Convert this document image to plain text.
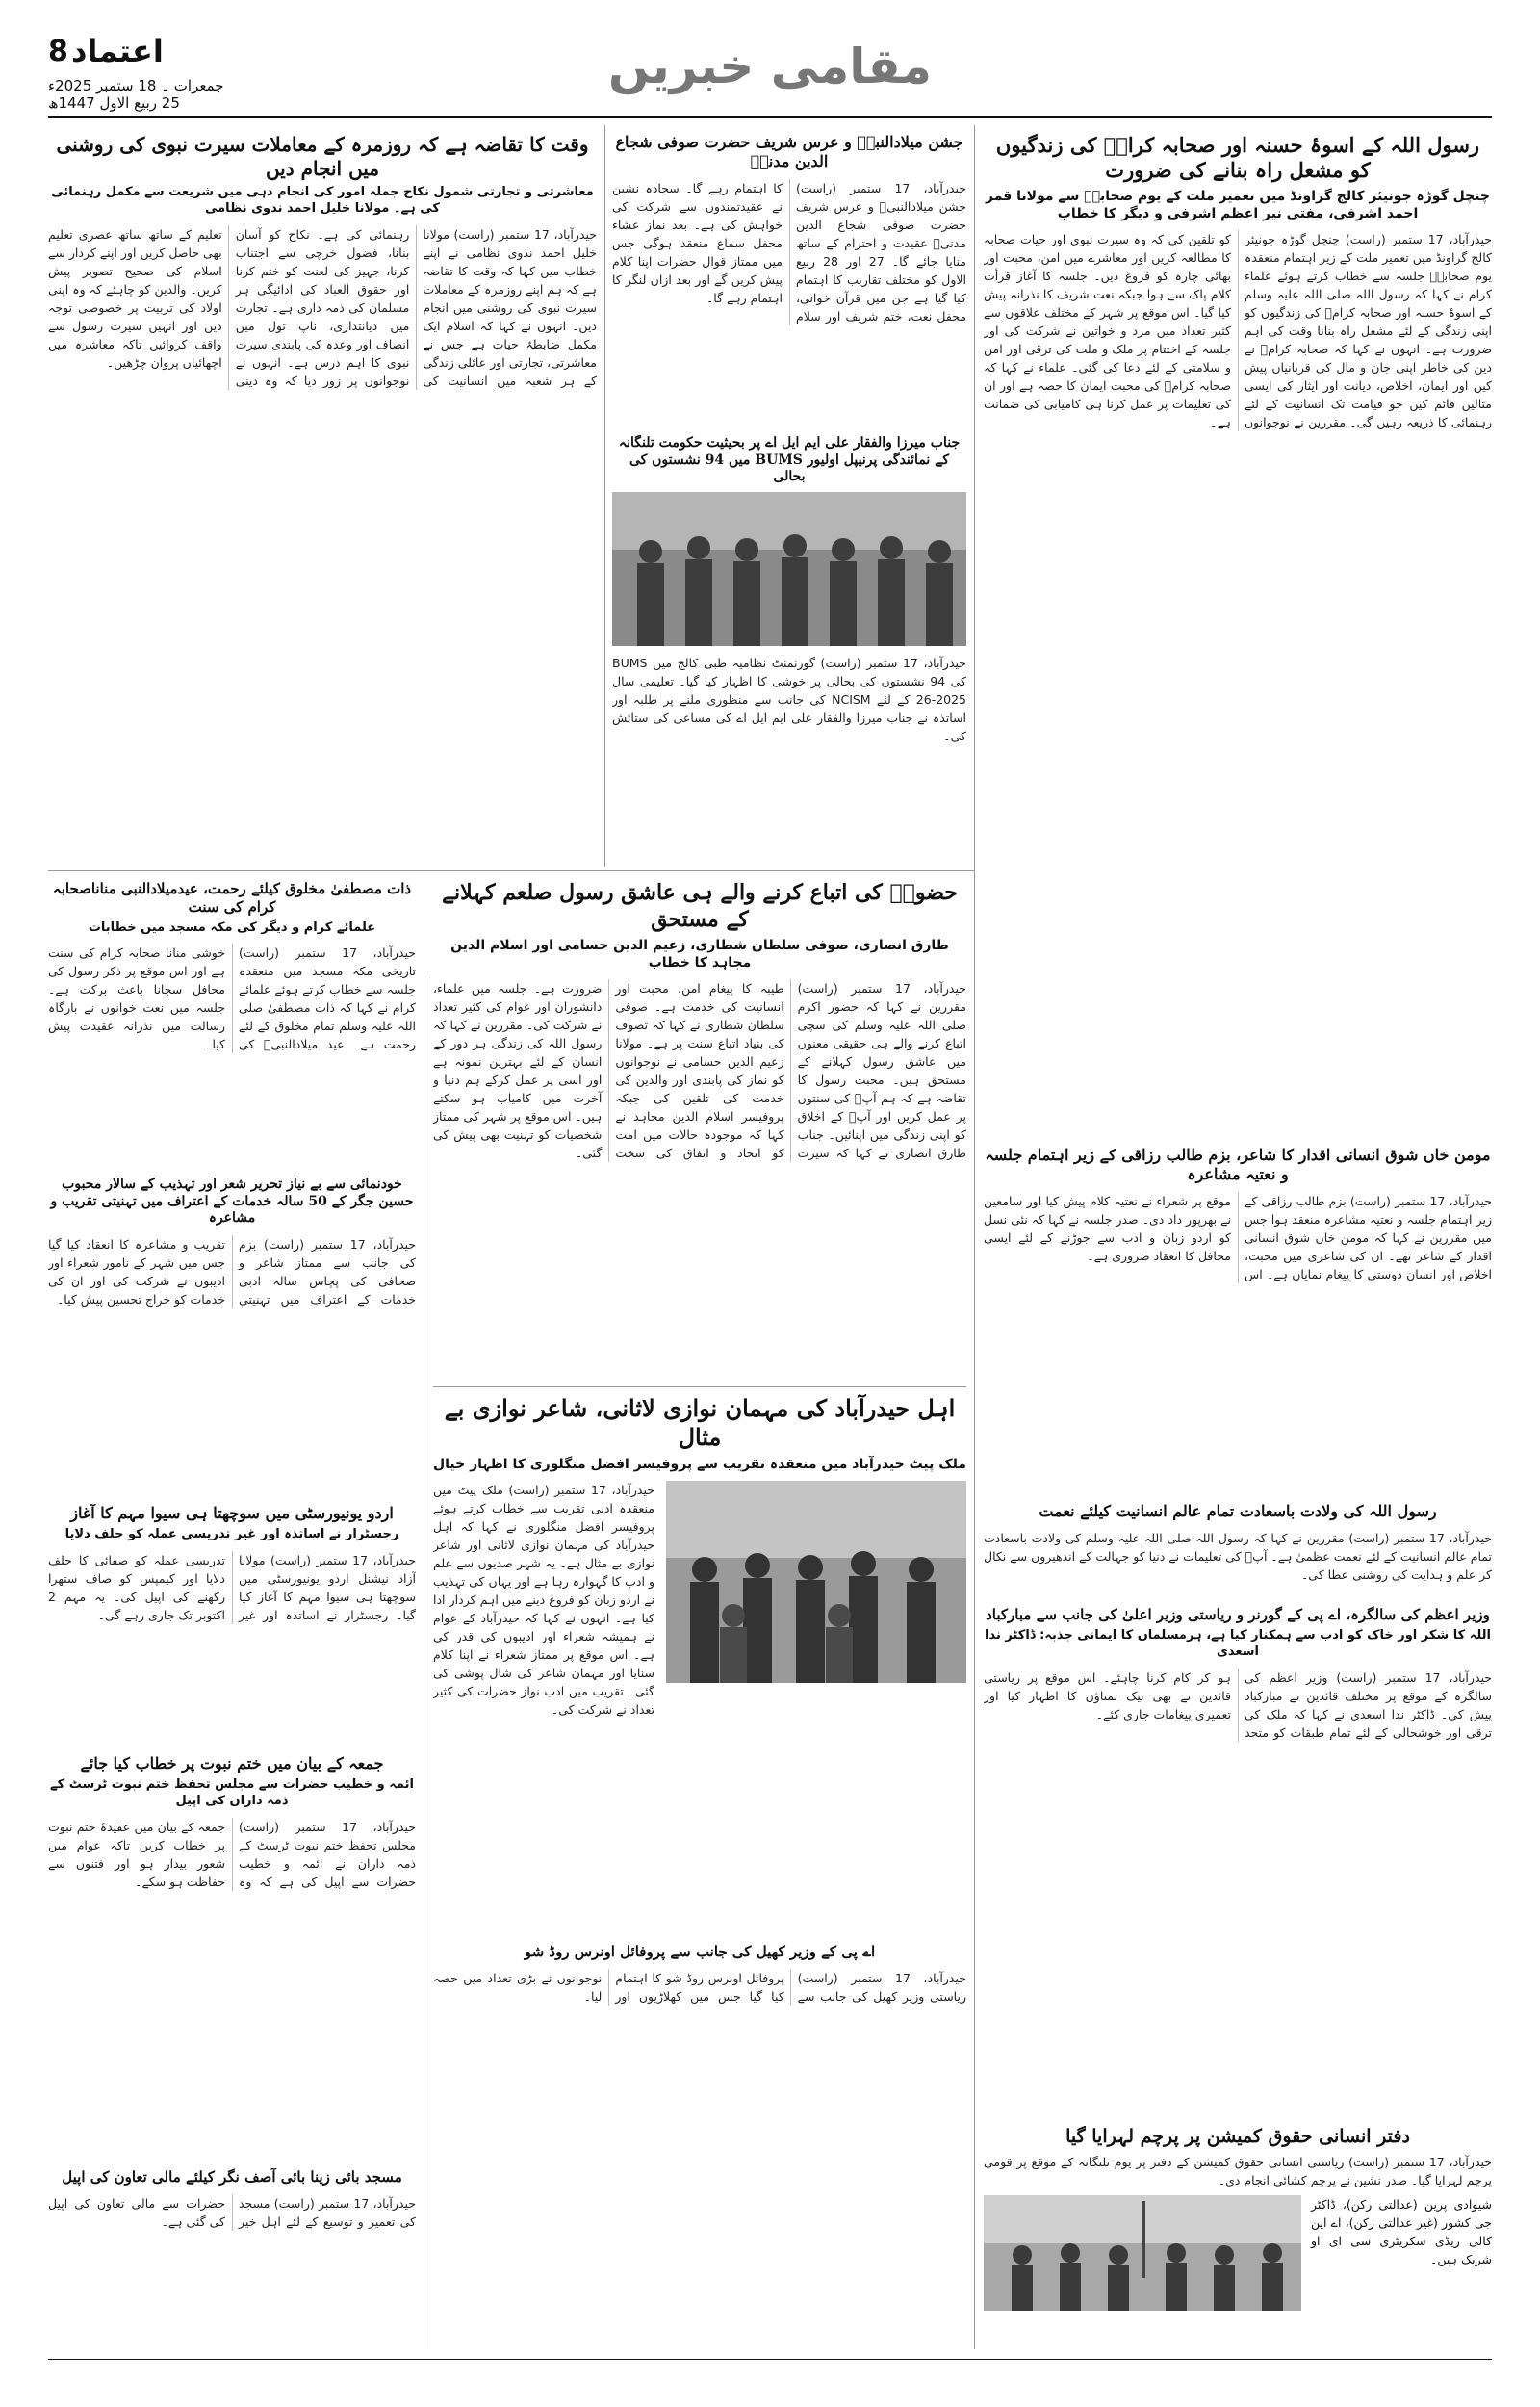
8 اعتماد
جمعرات ۔ 18 ستمبر 2025ء
25 ربیع الاول 1447ھ
مقامی خبریں
رسول اللہ کے اسوۂ حسنہ اور صحابہ کرامؓ کی زندگیوں کو مشعل راہ بنانے کی ضرورت

چنچل گوڑہ جونیئر کالج گراونڈ میں تعمیر ملت کے یوم صحابہؓ سے مولانا قمر احمد اشرفی، مفتی نیر اعظم اشرفی و دیگر کا خطاب

حیدرآباد، 17 ستمبر (راست) چنچل گوڑہ جونیئر کالج گراونڈ میں تعمیر ملت کے زیر اہتمام منعقدہ یوم صحابہؓ جلسہ سے خطاب کرتے ہوئے علماء کرام نے کہا کہ رسول اللہ صلی اللہ علیہ وسلم کے اسوۂ حسنہ اور صحابہ کرامؓ کی زندگیوں کو اپنی زندگی کے لئے مشعل راہ بنانا وقت کی اہم ضرورت ہے۔ انہوں نے کہا کہ صحابہ کرامؓ نے دین کی خاطر اپنی جان و مال کی قربانیاں پیش کیں اور ایمان، اخلاص، دیانت اور ایثار کی ایسی مثالیں قائم کیں جو قیامت تک انسانیت کے لئے رہنمائی کا ذریعہ رہیں گی۔ مقررین نے نوجوانوں کو تلقین کی کہ وہ سیرت نبوی اور حیات صحابہ کا مطالعہ کریں اور معاشرے میں امن، محبت اور بھائی چارہ کو فروغ دیں۔ جلسہ کا آغاز قرأت کلام پاک سے ہوا جبکہ نعت شریف کا نذرانہ پیش کیا گیا۔ اس موقع پر شہر کے مختلف علاقوں سے کثیر تعداد میں مرد و خواتین نے شرکت کی اور جلسہ کے اختتام پر ملک و ملت کی ترقی اور امن و سلامتی کے لئے دعا کی گئی۔ علماء نے کہا کہ صحابہ کرامؓ کی محبت ایمان کا حصہ ہے اور ان کی تعلیمات پر عمل کرنا ہی کامیابی کی ضمانت ہے۔

جشن میلادالنبیؐ و عرس شریف حضرت صوفی شجاع الدین مدنیؒ

حیدرآباد، 17 ستمبر (راست) جشن میلادالنبیؐ و عرس شریف حضرت صوفی شجاع الدین مدنیؒ عقیدت و احترام کے ساتھ منایا جائے گا۔ 27 اور 28 ربیع الاول کو مختلف تقاریب کا اہتمام کیا گیا ہے جن میں قرآن خوانی، محفل نعت، ختم شریف اور سلام کا اہتمام رہے گا۔ سجادہ نشین نے عقیدتمندوں سے شرکت کی خواہش کی ہے۔ بعد نماز عشاء محفل سماع منعقد ہوگی جس میں ممتاز قوال حضرات اپنا کلام پیش کریں گے اور بعد ازاں لنگر کا اہتمام رہے گا۔

وقت کا تقاضہ ہے کہ روزمرہ کے معاملات سیرت نبوی کی روشنی میں انجام دیں

معاشرتی و تجارتی شمول نکاح جملہ امور کی انجام دہی میں شریعت سے مکمل رہنمائی کی ہے۔ مولانا خلیل احمد ندوی نظامی

حیدرآباد، 17 ستمبر (راست) مولانا خلیل احمد ندوی نظامی نے اپنے خطاب میں کہا کہ وقت کا تقاضہ ہے کہ ہم اپنے روزمرہ کے معاملات سیرت نبوی کی روشنی میں انجام دیں۔ انہوں نے کہا کہ اسلام ایک مکمل ضابطۂ حیات ہے جس نے معاشرتی، تجارتی اور عائلی زندگی کے ہر شعبہ میں انسانیت کی رہنمائی کی ہے۔ نکاح کو آسان بنانا، فضول خرچی سے اجتناب کرنا، جہیز کی لعنت کو ختم کرنا اور حقوق العباد کی ادائیگی ہر مسلمان کی ذمہ داری ہے۔ تجارت میں دیانتداری، ناپ تول میں انصاف اور وعدہ کی پابندی سیرت نبوی کا اہم درس ہے۔ انہوں نے نوجوانوں پر زور دیا کہ وہ دینی تعلیم کے ساتھ ساتھ عصری تعلیم بھی حاصل کریں اور اپنے کردار سے اسلام کی صحیح تصویر پیش کریں۔ والدین کو چاہئے کہ وہ اپنی اولاد کی تربیت پر خصوصی توجہ دیں اور انہیں سیرت رسول سے واقف کروائیں تاکہ معاشرہ میں اچھائیاں پروان چڑھیں۔

جناب میرزا والفقار علی ایم ایل اے پر بحیثیت حکومت تلنگانہ کے نمائندگی پرنیپل اولیور BUMS میں 94 نشستوں کی بحالی

حیدرآباد، 17 ستمبر (راست) گورنمنٹ نظامیہ طبی کالج میں BUMS کی 94 نشستوں کی بحالی پر خوشی کا اظہار کیا گیا۔ تعلیمی سال 2025-26 کے لئے NCISM کی جانب سے منظوری ملنے پر طلبہ اور اساتذہ نے جناب میرزا والفقار علی ایم ایل اے کی مساعی کی ستائش کی۔

حضورؐ کی اتباع کرنے والے ہی عاشق رسول صلعم کہلانے کے مستحق

طارق انصاری، صوفی سلطان شطاری، زعیم الدین حسامی اور اسلام الدین مجاہد کا خطاب

حیدرآباد، 17 ستمبر (راست) مقررین نے کہا کہ حضور اکرم صلی اللہ علیہ وسلم کی سچی اتباع کرنے والے ہی حقیقی معنوں میں عاشق رسول کہلانے کے مستحق ہیں۔ محبت رسول کا تقاضہ ہے کہ ہم آپؐ کی سنتوں پر عمل کریں اور آپؐ کے اخلاق کو اپنی زندگی میں اپنائیں۔ جناب طارق انصاری نے کہا کہ سیرت طیبہ کا پیغام امن، محبت اور انسانیت کی خدمت ہے۔ صوفی سلطان شطاری نے کہا کہ تصوف کی بنیاد اتباع سنت پر ہے۔ مولانا زعیم الدین حسامی نے نوجوانوں کو نماز کی پابندی اور والدین کی خدمت کی تلقین کی جبکہ پروفیسر اسلام الدین مجاہد نے کہا کہ موجودہ حالات میں امت کو اتحاد و اتفاق کی سخت ضرورت ہے۔ جلسہ میں علماء، دانشوران اور عوام کی کثیر تعداد نے شرکت کی۔ مقررین نے کہا کہ رسول اللہ کی زندگی ہر دور کے انسان کے لئے بہترین نمونہ ہے اور اسی پر عمل کرکے ہم دنیا و آخرت میں کامیاب ہو سکتے ہیں۔ اس موقع پر شہر کی ممتاز شخصیات کو تہنیت بھی پیش کی گئی۔

ذات مصطفیٰ مخلوق کیلئے رحمت، عیدمیلادالنبی مناناصحابہ کرام کی سنت

علمائے کرام و دیگر کی مکہ مسجد میں خطابات

حیدرآباد، 17 ستمبر (راست) تاریخی مکہ مسجد میں منعقدہ جلسہ سے خطاب کرتے ہوئے علمائے کرام نے کہا کہ ذات مصطفیٰ صلی اللہ علیہ وسلم تمام مخلوق کے لئے رحمت ہے۔ عید میلادالنبیؐ کی خوشی منانا صحابہ کرام کی سنت ہے اور اس موقع پر ذکر رسول کی محافل سجانا باعث برکت ہے۔ جلسہ میں نعت خوانوں نے بارگاہ رسالت میں نذرانہ عقیدت پیش کیا۔

خودنمائی سے بے نیاز تحریر شعر اور تہذیب کے سالار محبوب حسین جگر کے 50 سالہ خدمات کے اعتراف میں تہنیتی تقریب و مشاعرہ

حیدرآباد، 17 ستمبر (راست) بزم کی جانب سے ممتاز شاعر و صحافی کی پچاس سالہ ادبی خدمات کے اعتراف میں تہنیتی تقریب و مشاعرہ کا انعقاد کیا گیا جس میں شہر کے نامور شعراء اور ادیبوں نے شرکت کی اور ان کی خدمات کو خراج تحسین پیش کیا۔

مومن خاں شوق انسانی اقدار کا شاعر، بزم طالب رزاقی کے زیر اہتمام جلسہ و نعتیہ مشاعرہ

حیدرآباد، 17 ستمبر (راست) بزم طالب رزاقی کے زیر اہتمام جلسہ و نعتیہ مشاعرہ منعقد ہوا جس میں مقررین نے کہا کہ مومن خاں شوق انسانی اقدار کے شاعر تھے۔ ان کی شاعری میں محبت، اخلاص اور انسان دوستی کا پیغام نمایاں ہے۔ اس موقع پر شعراء نے نعتیہ کلام پیش کیا اور سامعین نے بھرپور داد دی۔ صدر جلسہ نے کہا کہ نئی نسل کو اردو زبان و ادب سے جوڑنے کے لئے ایسی محافل کا انعقاد ضروری ہے۔

اہل حیدرآباد کی مہمان نوازی لاثانی، شاعر نوازی بے مثال

ملک پیٹ حیدرآباد میں منعقدہ تقریب سے پروفیسر افضل منگلوری کا اظہار خیال

حیدرآباد، 17 ستمبر (راست) ملک پیٹ میں منعقدہ ادبی تقریب سے خطاب کرتے ہوئے پروفیسر افضل منگلوری نے کہا کہ اہل حیدرآباد کی مہمان نوازی لاثانی اور شاعر نوازی بے مثال ہے۔ یہ شہر صدیوں سے علم و ادب کا گہوارہ رہا ہے اور یہاں کی تہذیب نے اردو زبان کو فروغ دینے میں اہم کردار ادا کیا ہے۔ انہوں نے کہا کہ حیدرآباد کے عوام نے ہمیشہ شعراء اور ادیبوں کی قدر کی ہے۔ اس موقع پر ممتاز شعراء نے اپنا کلام سنایا اور مہمان شاعر کی شال پوشی کی گئی۔ تقریب میں ادب نواز حضرات کی کثیر تعداد نے شرکت کی۔

اردو یونیورسٹی میں سوچھتا ہی سیوا مہم کا آغاز

رجسٹرار نے اساتذہ اور غیر تدریسی عملہ کو حلف دلایا

حیدرآباد، 17 ستمبر (راست) مولانا آزاد نیشنل اردو یونیورسٹی میں سوچھتا ہی سیوا مہم کا آغاز کیا گیا۔ رجسٹرار نے اساتذہ اور غیر تدریسی عملہ کو صفائی کا حلف دلایا اور کیمپس کو صاف ستھرا رکھنے کی اپیل کی۔ یہ مہم 2 اکتوبر تک جاری رہے گی۔

رسول اللہ کی ولادت باسعادت تمام عالم انسانیت کیلئے نعمت

حیدرآباد، 17 ستمبر (راست) مقررین نے کہا کہ رسول اللہ صلی اللہ علیہ وسلم کی ولادت باسعادت تمام عالم انسانیت کے لئے نعمت عظمیٰ ہے۔ آپؐ کی تعلیمات نے دنیا کو جہالت کے اندھیروں سے نکال کر علم و ہدایت کی روشنی عطا کی۔

وزیر اعظم کی سالگرہ، اے پی کے گورنر و ریاستی وزیر اعلیٰ کی جانب سے مبارکباد

اللہ کا شکر اور خاک کو ادب سے ہمکنار کیا ہے، ہرمسلمان کا ایمانی جذبہ: ڈاکٹر ندا اسعدی

حیدرآباد، 17 ستمبر (راست) وزیر اعظم کی سالگرہ کے موقع پر مختلف قائدین نے مبارکباد پیش کی۔ ڈاکٹر ندا اسعدی نے کہا کہ ملک کی ترقی اور خوشحالی کے لئے تمام طبقات کو متحد ہو کر کام کرنا چاہئے۔ اس موقع پر ریاستی قائدین نے بھی نیک تمناؤں کا اظہار کیا اور تعمیری پیغامات جاری کئے۔

جمعہ کے بیان میں ختم نبوت پر خطاب کیا جائے

ائمہ و خطیب حضرات سے مجلس تحفظ ختم نبوت ٹرسٹ کے ذمہ داران کی اپیل

حیدرآباد، 17 ستمبر (راست) مجلس تحفظ ختم نبوت ٹرسٹ کے ذمہ داران نے ائمہ و خطیب حضرات سے اپیل کی ہے کہ وہ جمعہ کے بیان میں عقیدۂ ختم نبوت پر خطاب کریں تاکہ عوام میں شعور بیدار ہو اور فتنوں سے حفاظت ہو سکے۔

اے پی کے وزیر کھیل کی جانب سے پروفائل اونرس روڈ شو

حیدرآباد، 17 ستمبر (راست) ریاستی وزیر کھیل کی جانب سے پروفائل اونرس روڈ شو کا اہتمام کیا گیا جس میں کھلاڑیوں اور نوجوانوں نے بڑی تعداد میں حصہ لیا۔

مسجد بائی زینا بائی آصف نگر کیلئے مالی تعاون کی اپیل

حیدرآباد، 17 ستمبر (راست) مسجد کی تعمیر و توسیع کے لئے اہل خیر حضرات سے مالی تعاون کی اپیل کی گئی ہے۔

دفتر انسانی حقوق کمیشن پر پرچم لہرایا گیا

حیدرآباد، 17 ستمبر (راست) ریاستی انسانی حقوق کمیشن کے دفتر پر یوم تلنگانہ کے موقع پر قومی پرچم لہرایا گیا۔ صدر نشین نے پرچم کشائی انجام دی۔

شیوادی پرین (عدالتی رکن)، ڈاکٹر جی کشور (غیر عدالتی رکن)، اے این کالی ریڈی سکریٹری سی ای او شریک ہیں۔
